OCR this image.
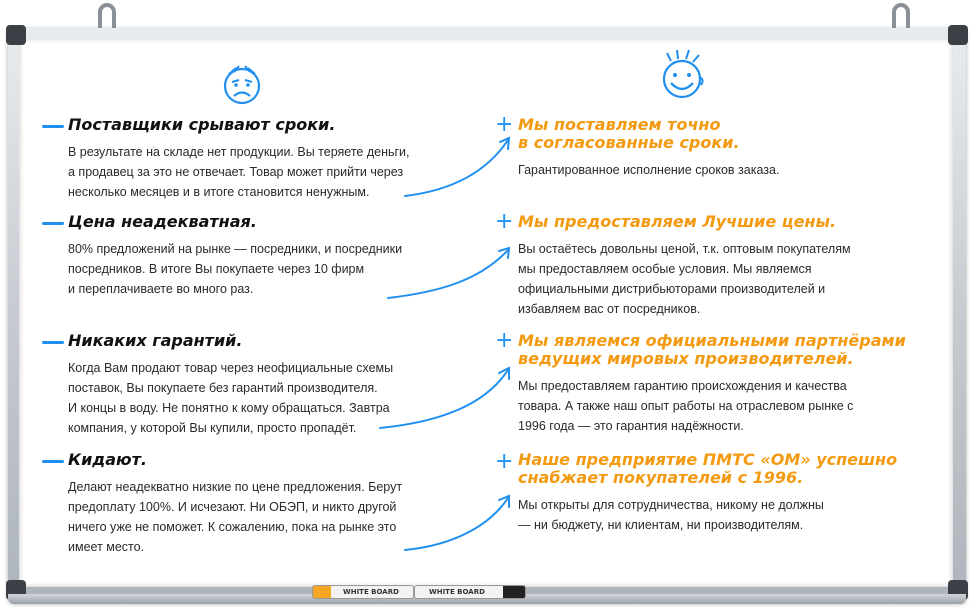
WHITE BOARD	WHITE BOARD
Поставщики срывают сроки.

В результате на складе нет продукции. Вы теряете деньги,

а продавец за это не отвечает. Товар может прийти через

несколько месяцев и в итоге становится ненужным.

Цена неадекватная.

80% предложений на рынке — посредники, и посредники

посредников. В итоге Вы покупаете через 10 фирм

и переплачиваете во много раз.

Никаких гарантий.

Когда Вам продают товар через неофициальные схемы

поставок, Вы покупаете без гарантий производителя.

И концы в воду. Не понятно к кому обращаться. Завтра

компания, у которой Вы купили, просто пропадёт.

Кидают.

Делают неадекватно низкие по цене предложения. Берут

предоплату 100%. И исчезают. Ни ОБЭП, и никто другой

ничего уже не поможет. К сожалению, пока на рынке это

имеет место.

+
+
+
+
Мы поставляем точно
в согласованные сроки.

Гарантированное исполнение сроков заказа.

Мы предоставляем Лучшие цены.

Вы остаётесь довольны ценой, т.к. оптовым покупателям

мы предоставляем особые условия. Мы являемся

официальными дистрибьюторами производителей и

избавляем вас от посредников.

Мы являемся официальными партнёрами
ведущих мировых производителей.

Мы предоставляем гарантию происхождения и качества

товара. А также наш опыт работы на отраслевом рынке с

1996 года — это гарантия надёжности.

Наше предприятие ПМТС «ОМ» успешно
снабжает покупателей с 1996.

Мы открыты для сотрудничества, никому не должны

— ни бюджету, ни клиентам, ни производителям.
